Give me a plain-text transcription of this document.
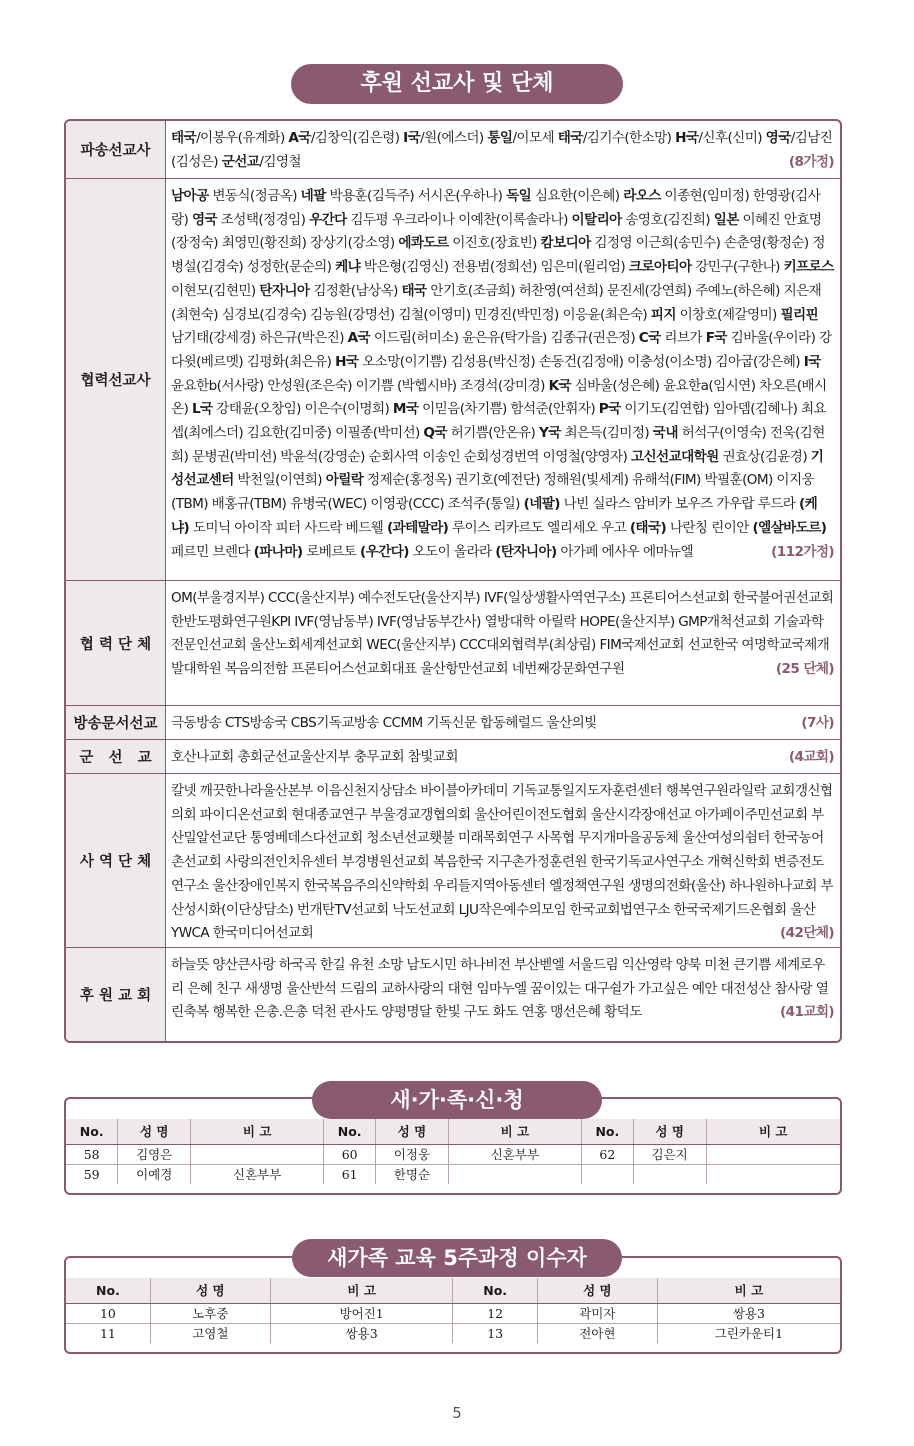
후원 선교사 및 단체
파송선교사
태국/이봉우(유계화) A국/김창익(김은령) I국/원(에스더) 통일/이모세 태국/김기수(한소망) H국/신후(신미) 영국/김남진(김성은) 군선교/김영철	(8가정)
협력선교사
남아공 변동식(정금옥) 네팔 박용훈(김득주) 서시온(우하나) 독일 심요한(이은혜) 라오스 이종현(임미정) 한영광(김사랑) 영국 조성택(정경임) 우간다 김두평 우크라이나 이예찬(이록솔라나) 이탈리아 송영호(김진희) 일본 이혜진 안효명(장정숙) 최영민(황진희) 장상기(강소영) 에콰도르 이진호(장효빈) 캄보디아 김정영 이근희(송민수) 손춘영(황정순) 정병설(김경숙) 성정한(문순의) 케냐 박은형(김영신) 전용범(정희선) 임은미(윌리엄) 크로아티아 강민구(구한나) 키프로스 이현모(김현민) 탄자니아 김정환(남상옥) 태국 안기호(조금희) 허찬영(여선희) 문진세(강연희) 주예노(하은혜) 지은재(최현숙) 심경보(김경숙) 김농원(강명선) 김철(이영미) 민경진(박민정) 이응윤(최은숙) 피지 이창호(제갈영미) 필리핀 남기태(강세경) 하은규(박은진) A국 이드림(허미소) 윤은유(탁가을) 김종규(권은정) C국 리브가 F국 김바울(우이라) 강다윗(베르멧) 김평화(최은유) H국 오소망(이기쁨) 김성용(박신정) 손동건(김정애) 이충성(이소명) 김아굽(강은혜) I국 윤요한b(서사랑) 안성원(조은숙) 이기쁨 (박헵시바) 조경석(강미경) K국 심바울(성은혜) 윤요한a(임시연) 차오른(배시온) L국 강태윤(오창임) 이은수(이명희) M국 이믿음(차기쁨) 함석준(안휘자) P국 이기도(김연합) 임아뎀(김혜나) 최요셉(최에스더) 김요한(김미중) 이필종(박미선) Q국 허기쁨(안온유) Y국 최은득(김미정) 국내 허석구(이영숙) 전욱(김현희) 문병권(박미선) 박윤석(강영순) 순회사역 이송인 순회성경번역 이영철(양영자) 고신선교대학원 권효상(김윤경) 기성선교센터 박천일(이연희) 아릴락 정제순(홍정옥) 권기호(예전단) 정해원(빛세계) 유해석(FIM) 박필훈(OM) 이지웅(TBM) 배홍규(TBM) 유병국(WEC) 이영광(CCC) 조석주(통일) (네팔) 나빈 실라스 암비카 보우즈 가우랍 루드라 (케냐) 도미닉 아이작 피터 사드락 베드웰 (과테말라) 루이스 리카르도 엘리세오 우고 (태국) 나란칭 린이안 (엘살바도르)페르민 브렌다 (파나마) 로베르토 (우간다) 오도이 올라라 (탄자니아) 아가페 에사우 에마뉴엘	(112가정)
협 력 단 체
OM(부울경지부) CCC(울산지부) 예수전도단(울산지부) IVF(일상생활사역연구소) 프론티어스선교회 한국불어권선교회 한반도평화연구원KPI IVF(영남동부) IVF(영남동부간사) 열방대학 아릴락 HOPE(울산지부) GMP개척선교회 기술과학전문인선교회 울산노회세계선교회 WEC(울산지부) CCC대외협력부(최상림) FIM국제선교회 선교한국 여명학교국제개발대학원 복음의전함 프론티어스선교회대표 울산항만선교회 네번째강문화연구원	(25 단체)
방송문서선교 극동방송 CTS방송국 CBS기독교방송 CCMM 기독신문 합동헤럴드 울산의빛	(7사)
군   선   교	호산나교회 총회군선교울산지부 충무교회 참빛교회	(4교회)
사 역 단 체
칼넷 깨끗한나라울산본부 이음신천지상담소 바이블아카데미 기독교통일지도자훈련센터 행복연구원라일락 교회갱신협의회 파이디온선교회 현대종교연구 부울경교갱협의회 울산어린이전도협회 울산시각장애선교 아가페이주민선교회 부산밀알선교단 통영베데스다선교회 청소년선교횃불 미래목회연구 사목협 무지개마을공동체 울산여성의쉼터 한국농어촌선교회 사랑의전인치유센터 부경병원선교회 복음한국 지구촌가정훈련원 한국기독교사연구소 개혁신학회 변증전도연구소 울산장애인복지 한국복음주의신약학회 우리들지역아동센터 엘정책연구원 생명의전화(울산) 하나원하나교회 부산성시화(이단상담소) 번개탄TV선교회 낙도선교회 LJU작은예수의모임 한국교회법연구소 한국국제기드온협회 울산YWCA 한국미디어선교회	(42단체)
후 원 교 회
하늘뜻 양산큰사랑 하국곡 한길 유천 소망 남도시민 하나비전 부산벧엘 서울드림 익산영락 양북 미천 큰기쁨 세계로우리 은혜 친구 새생명 울산반석 드림의 교하사랑의 대현 임마누엘 꿈이있는 대구쉴가 가고싶은 예안 대전성산 참사랑 열린축복 행복한 은총.은총 덕천 관사도 양평명달 한빛 구도 화도 연홍 맹선은혜 황덕도	(41교회)

No.	성 명	비 고	No.	성 명	비 고	No.	성 명	비 고
58	김영은		60	이정웅	신혼부부	62	김은지	
59	이예경	신혼부부	61	한명순				
새·가·족·신·청

No.	성 명	비 고	No.	성 명	비 고
10	노후중	방어진1	12	곽미자	쌍용3
11	고영철	쌍용3	13	전아현	그린카운티1
새가족 교육 5주과정 이수자
5
